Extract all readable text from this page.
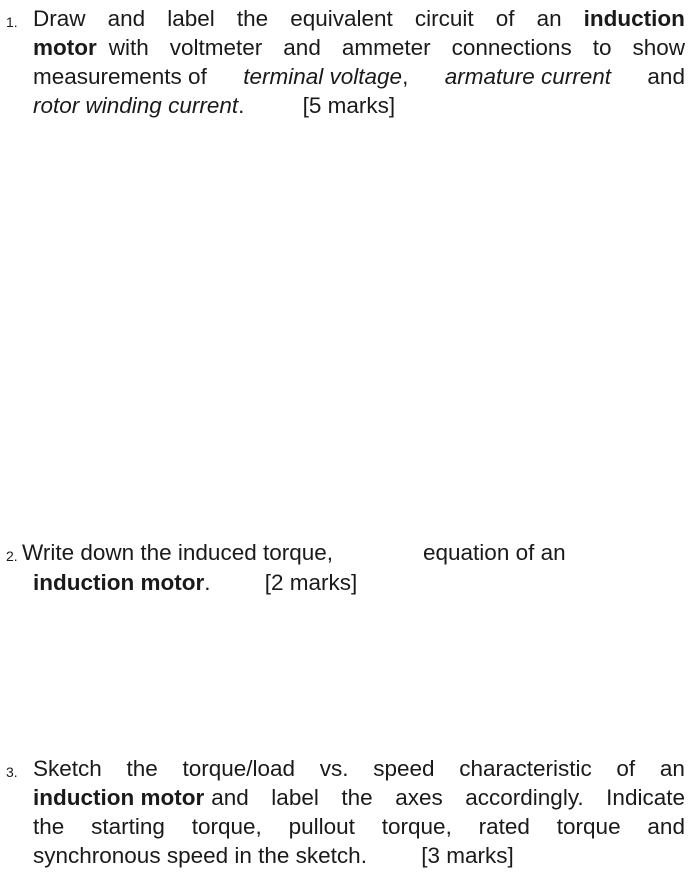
1. Draw and label the equivalent circuit of an induction
motor with voltmeter and ammeter connections to show
measurements of terminal voltage, armature current and
rotor winding current.	[5 marks]
2. Write down the induced torque,	equation of an
induction motor. [2 marks]
3. Sketch the torque/load vs. speed characteristic of an
induction motor and label the axes accordingly. Indicate
the starting torque, pullout torque, rated torque and
synchronous speed in the sketch. [3 marks]
